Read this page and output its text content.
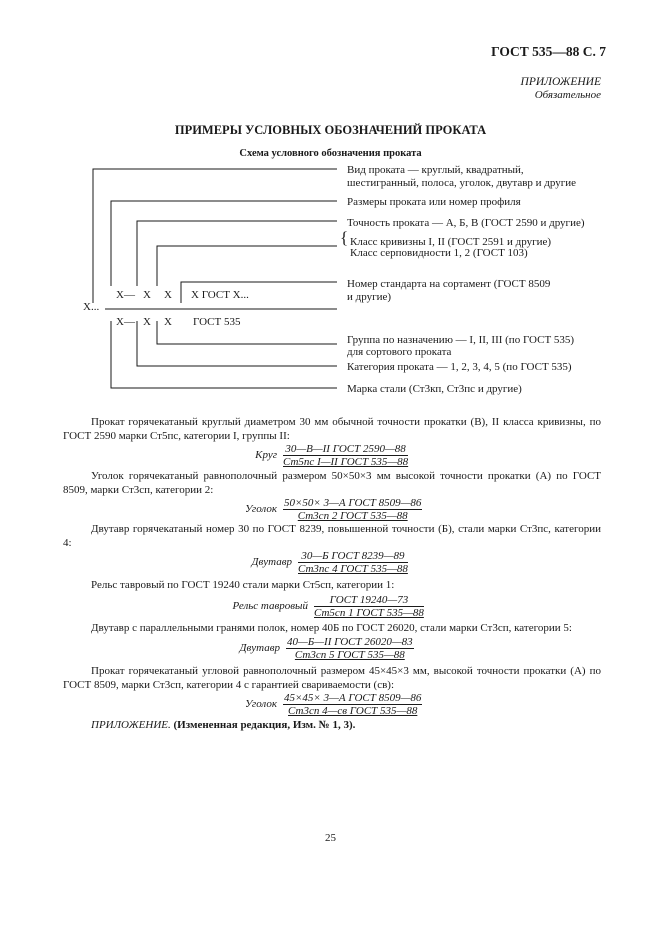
ГОСТ 535—88 С. 7
ПРИЛОЖЕНИЕ
Обязательное
ПРИМЕРЫ УСЛОВНЫХ ОБОЗНАЧЕНИЙ ПРОКАТА
Схема условного обозначения проката
{
Х...
Х— Х Х Х ГОСТ Х...
Х— Х Х ГОСТ 535
Вид проката — круглый, квадратный,
шестигранный, полоса, уголок, двутавр и другие
Размеры проката или номер профиля
Точность проката — А, Б, В (ГОСТ 2590 и другие)
Класс кривизны I, II (ГОСТ 2591 и другие)
Класс серповидности 1, 2 (ГОСТ 103)
Номер стандарта на сортамент (ГОСТ 8509
и другие)
Группа по назначению — I, II, III (по ГОСТ 535)
для сортового проката
Категория проката — 1, 2, 3, 4, 5 (по ГОСТ 535)
Марка стали (Ст3кп, Ст3пс и другие)

Прокат горячекатаный круглый диаметром 30 мм обычной точности прокатки (В), II класса кривизны, по ГОСТ 2590 марки Ст5пс, категории I, группы II:

Круг 30—В—II ГОСТ 2590—88
Ст5пс I—II ГОСТ 535—88

Уголок горячекатаный равнополочный размером 50×50×3 мм высокой точности прокатки (А) по ГОСТ 8509, марки Ст3сп, категории 2:

Уголок 50×50× 3—А ГОСТ 8509—86
Ст3сп 2 ГОСТ 535—88

Двутавр горячекатаный номер 30 по ГОСТ 8239, повышенной точности (Б), стали марки Ст3пс, категории 4:

Двутавр 30—Б ГОСТ 8239—89
Ст3пс 4 ГОСТ 535—88

Рельс тавровый по ГОСТ 19240 стали марки Ст5сп, категории 1:

Рельс тавровый	ГОСТ 19240—73
Ст5сп 1 ГОСТ 535—88

Двутавр с параллельными гранями полок, номер 40Б по ГОСТ 26020, стали марки Ст3сп, категории 5:

Двутавр 40—Б—II ГОСТ 26020—83
Ст3сп 5 ГОСТ 535—88

Прокат горячекатаный угловой равнополочный размером 45×45×3 мм, высокой точности прокатки (А) по ГОСТ 8509, марки Ст3сп, категории 4 с гарантией свариваемости (св):

Уголок 45×45× 3—А ГОСТ 8509—86
Ст3сп 4—св ГОСТ 535—88
ПРИЛОЖЕНИЕ. (Измененная редакция, Изм. № 1, 3).
25
